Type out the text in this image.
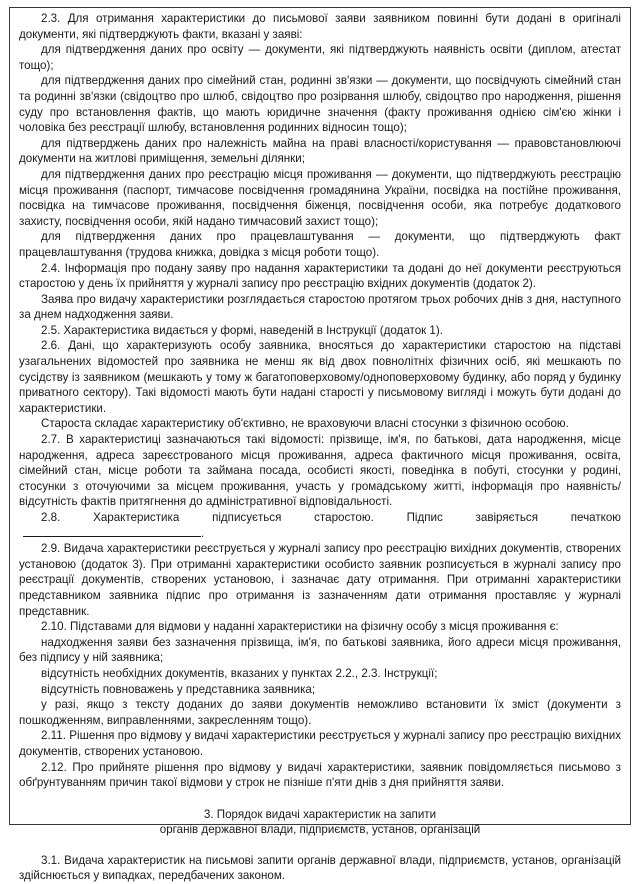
2.3. Для отримання характеристики до письмової заяви заявником повинні бути додані в оригіналі документи, які підтверджують факти, вказані у заяві:

для підтвердження даних про освіту — документи, які підтверджують наявність освіти (диплом, атестат тощо);

для підтвердження даних про сімейний стан, родинні зв'язки — документи, що посвідчують сімейний стан та родинні зв'язки (свідоцтво про шлюб, свідоцтво про розірвання шлюбу, свідоцтво про народження, рішення суду про встановлення фактів, що мають юридичне значення (факту проживання однією сім'єю жінки і чоловіка без реєстрації шлюбу, встановлення родинних відносин тощо);

для підтверджень даних про належність майна на праві власності/користування — правовстановлюючі документи на житлові приміщення, земельні ділянки;

для підтвердження даних про реєстрацію місця проживання — документи, що підтверджують реєстрацію місця проживання (паспорт, тимчасове посвідчення громадянина України, посвідка на постійне проживання, посвідка на тимчасове проживання, посвідчення біженця, посвідчення особи, яка потребує додаткового захисту, посвідчення особи, якій надано тимчасовий захист тощо);

для підтвердження даних про працевлаштування — документи, що підтверджують факт працевлаштування (трудова книжка, довідка з місця роботи тощо).

2.4. Інформація про подану заяву про надання характеристики та додані до неї документи реєструються старостою у день їх прийняття у журналі запису про реєстрацію вхідних документів (додаток 2).

Заява про видачу характеристики розглядається старостою протягом трьох робочих днів з дня, наступного за днем надходження заяви.

2.5. Характеристика видається у формі, наведеній в Інструкції (додаток 1).

2.6. Дані, що характеризують особу заявника, вносяться до характеристики старостою на підставі узагальнених відомостей про заявника не менш як від двох повнолітніх фізичних осіб, які мешкають по сусідству із заявником (мешкають у тому ж багатоповерховому/одноповерховому будинку, або поряд у будинку приватного сектору). Такі відомості мають бути надані старості у письмовому вигляді і можуть бути додані до характеристики.

Староста складає характеристику об'єктивно, не враховуючи власні стосунки з фізичною особою.

2.7. В характеристиці зазначаються такі відомості: прізвище, ім'я, по батькові, дата народження, місце народження, адреса зареєстрованого місця проживання, адреса фактичного місця проживання, освіта, сімейний стан, місце роботи та займана посада, особисті якості, поведінка в побуті, стосунки у родині, стосунки з оточуючими за місцем проживання, участь у громадському житті, інформація про наявність/відсутність фактів притягнення до адміністративної відповідальності.

2.8. Характеристика підписується старостою. Підпис завіряється печаткою.

2.9. Видача характеристики реєструється у журналі запису про реєстрацію вихідних документів, створених установою (додаток 3). При отриманні характеристики особисто заявник розписується в журналі запису про реєстрації документів, створених установою, і зазначає дату отримання. При отриманні характеристики представником заявника підпис про отримання із зазначенням дати отримання проставляє у журналі представник.

2.10. Підставами для відмови у наданні характеристики на фізичну особу з місця проживання є:

надходження заяви без зазначення прізвища, ім'я, по батькові заявника, його адреси місця проживання, без підпису у ній заявника;

відсутність необхідних документів, вказаних у пунктах 2.2., 2.3. Інструкції;

відсутність повноважень у представника заявника;

у разі, якщо з тексту доданих до заяви документів неможливо встановити їх зміст (документи з пошкодженням, виправленнями, закресленням тощо).

2.11. Рішення про відмову у видачі характеристики реєструється у журналі запису про реєстрацію вихідних документів, створених установою.

2.12. Про прийняте рішення про відмову у видачі характеристики, заявник повідомляється письмово з обґрунтуванням причин такої відмови у строк не пізніше п'яти днів з дня прийняття заяви.

3. Порядок видачі характеристик на запити
органів державної влади, підприємств, установ, організацій

3.1. Видача характеристик на письмові запити органів державної влади, підприємств, установ, організацій здійснюється у випадках, передбачених законом.
